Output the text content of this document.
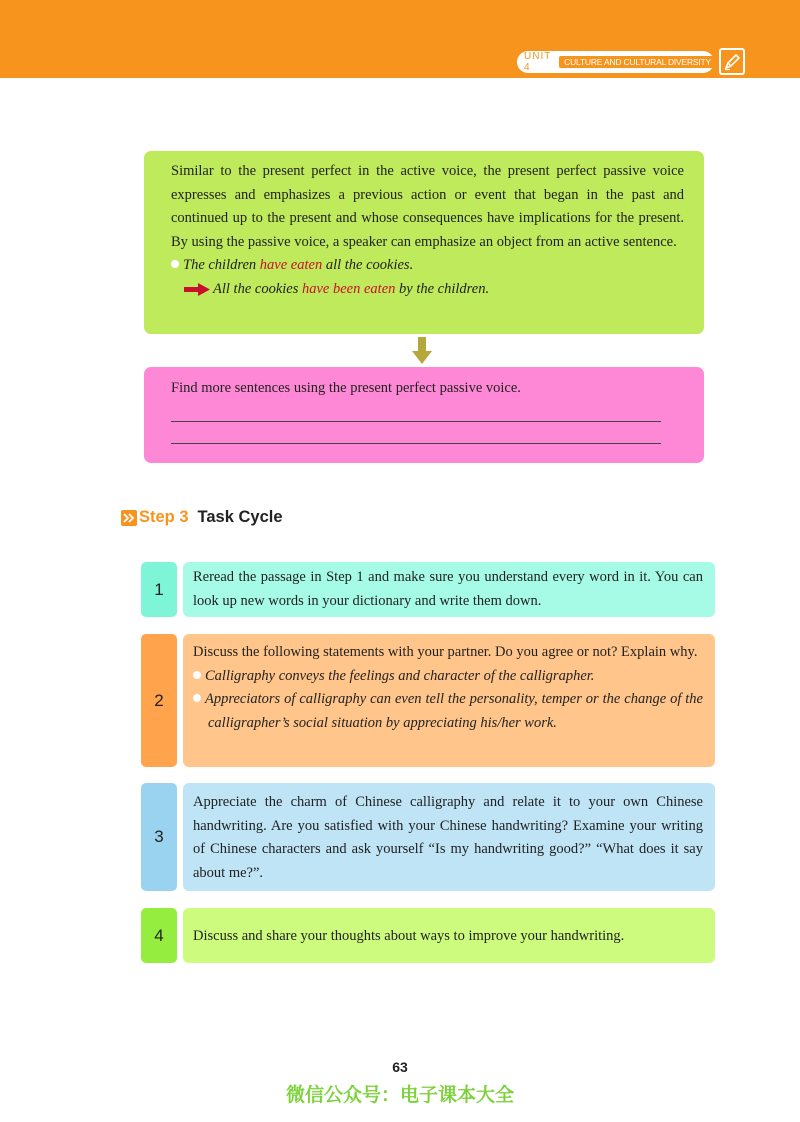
UNIT 4	CULTURE AND CULTURAL DIVERSITY
Similar to the present perfect in the active voice, the present perfect passive voice expresses and emphasizes a previous action or event that began in the past and continued up to the present and whose consequences have implications for the present. By using the passive voice, a speaker can emphasize an object from an active sentence.
The children have eaten all the cookies.
All the cookies have been eaten by the children.
Find more sentences using the present perfect passive voice.
Step 3 Task Cycle
1
Reread the passage in Step 1 and make sure you understand every word in it. You can look up new words in your dictionary and write them down.
2
Discuss the following statements with your partner. Do you agree or not? Explain why.
Calligraphy conveys the feelings and character of the calligrapher.
Appreciators of calligraphy can even tell the personality, temper or the change of the calligrapher’s social situation by appreciating his/her work.
3
Appreciate the charm of Chinese calligraphy and relate it to your own Chinese handwriting. Are you satisfied with your Chinese handwriting? Examine your writing of Chinese characters and ask yourself “Is my handwriting good?” “What does it say about me?”.
4	Discuss and share your thoughts about ways to improve your handwriting.
63
微信公众号：电子课本大全
